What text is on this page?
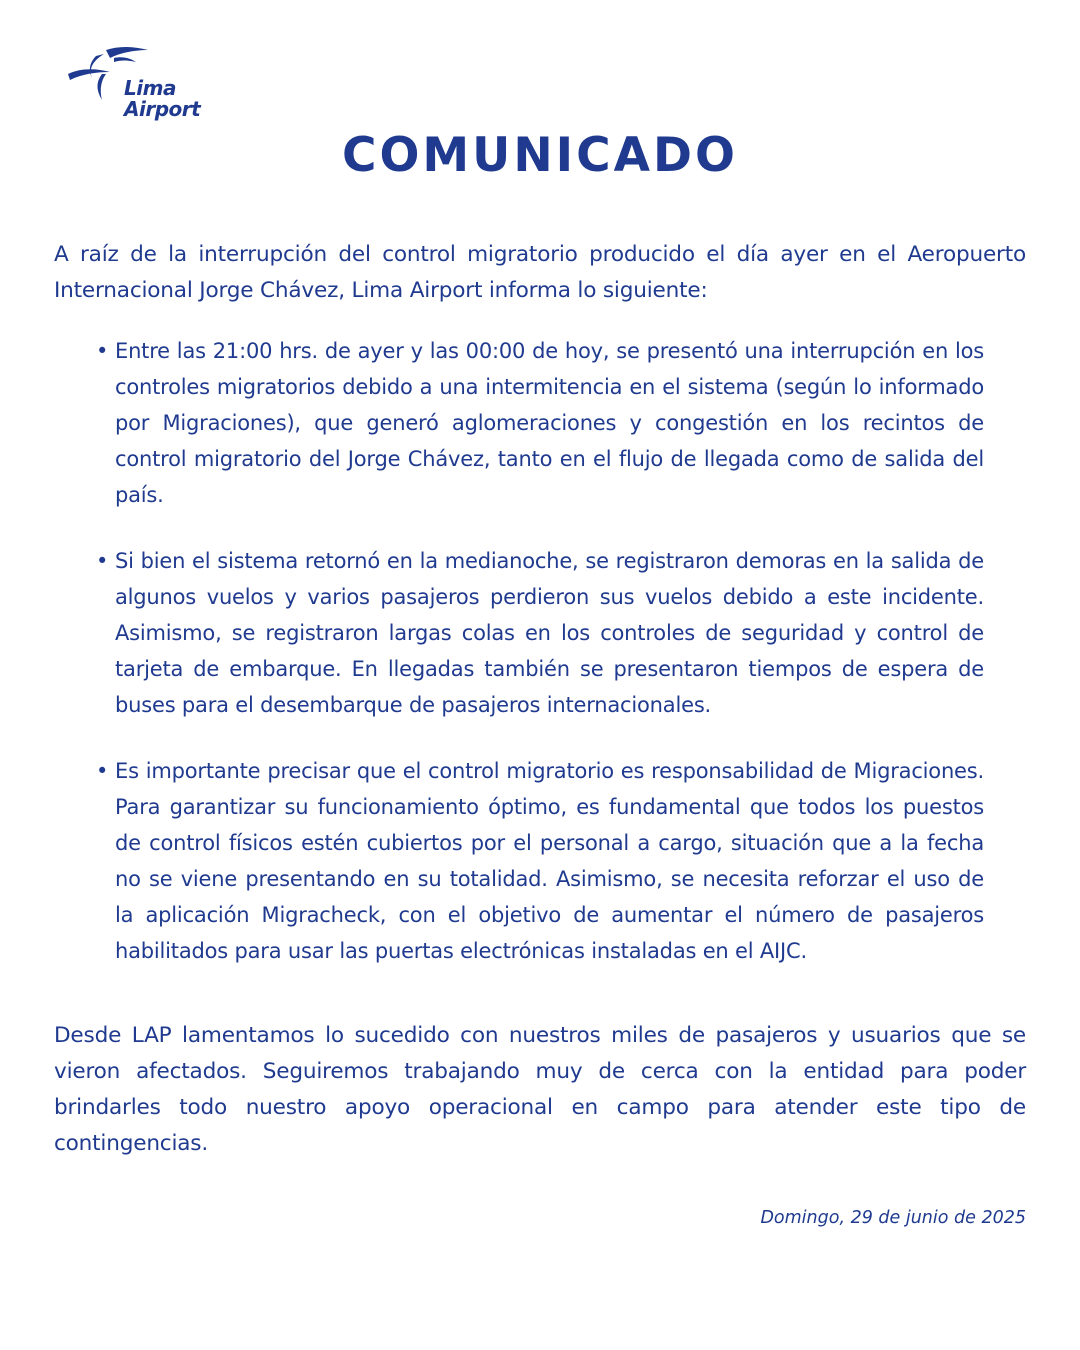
Lima
Airport
COMUNICADO

A raíz de la interrupción del control migratorio producido el día ayer en el Aeropuerto Internacional Jorge Chávez, Lima Airport informa lo siguiente:

• Entre las 21:00 hrs. de ayer y las 00:00 de hoy, se presentó una interrupción en los controles migratorios debido a una intermitencia en el sistema (según lo informado por Migraciones), que generó aglomeraciones y congestión en los recintos de control migratorio del Jorge Chávez, tanto en el flujo de llegada como de salida del país.
• Si bien el sistema retornó en la medianoche, se registraron demoras en la salida de algunos vuelos y varios pasajeros perdieron sus vuelos debido a este incidente. Asimismo, se registraron largas colas en los controles de seguridad y control de tarjeta de embarque. En llegadas también se presentaron tiempos de espera de buses para el desembarque de pasajeros internacionales.
• Es importante precisar que el control migratorio es responsabilidad de Migraciones. Para garantizar su funcionamiento óptimo, es fundamental que todos los puestos de control físicos estén cubiertos por el personal a cargo, situación que a la fecha no se viene presentando en su totalidad. Asimismo, se necesita reforzar el uso de la aplicación Migracheck, con el objetivo de aumentar el número de pasajeros habilitados para usar las puertas electrónicas instaladas en el AIJC.

Desde LAP lamentamos lo sucedido con nuestros miles de pasajeros y usuarios que se vieron afectados. Seguiremos trabajando muy de cerca con la entidad para poder brindarles todo nuestro apoyo operacional en campo para atender este tipo de contingencias.

Domingo, 29 de junio de 2025
